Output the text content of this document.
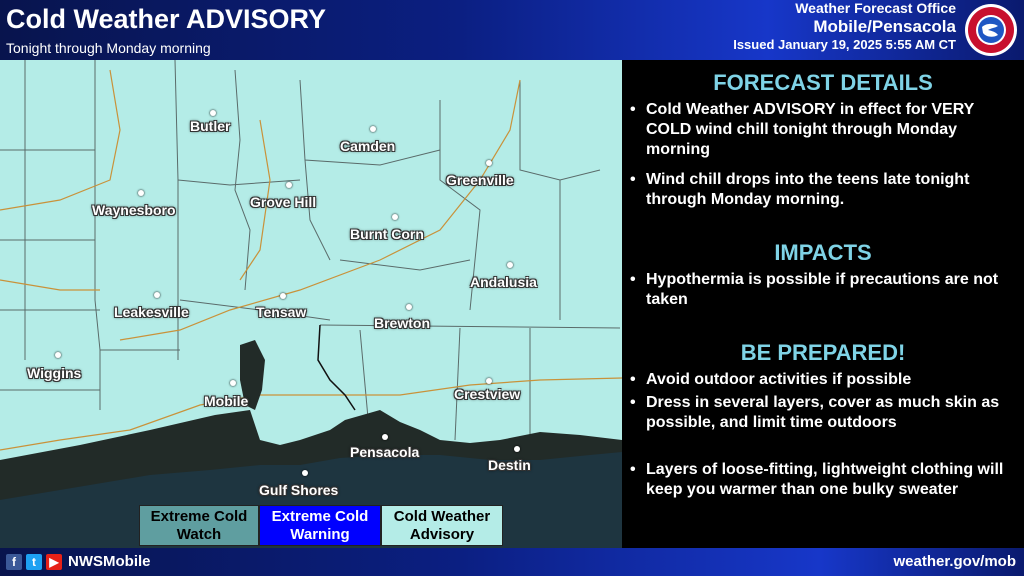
Cold Weather ADVISORY
Tonight through Monday morning
Weather Forecast Office
Mobile/Pensacola
Issued January 19, 2025 5:55 AM CT
Butler
Camden
Greenville
Grove Hill
Waynesboro
Burnt Corn
Andalusia
Leakesville	Tensaw
Brewton
Wiggins
Mobile	Crestview
Pensacola
Destin
Gulf Shores
Extreme Cold
Watch
Extreme Cold
Warning
Cold Weather
Advisory
FORECAST DETAILS
• Cold Weather ADVISORY in effect for VERY COLD wind chill tonight through Monday morning
• Wind chill drops into the teens late tonight through Monday morning.
IMPACTS
• Hypothermia is possible if precautions are not taken
BE PREPARED!
• Avoid outdoor activities if possible
• Dress in several layers, cover as much skin as possible, and limit time outdoors
• Layers of loose-fitting, lightweight clothing will keep you warmer than one bulky sweater
f	t	▶ NWSMobile	weather.gov/mob
